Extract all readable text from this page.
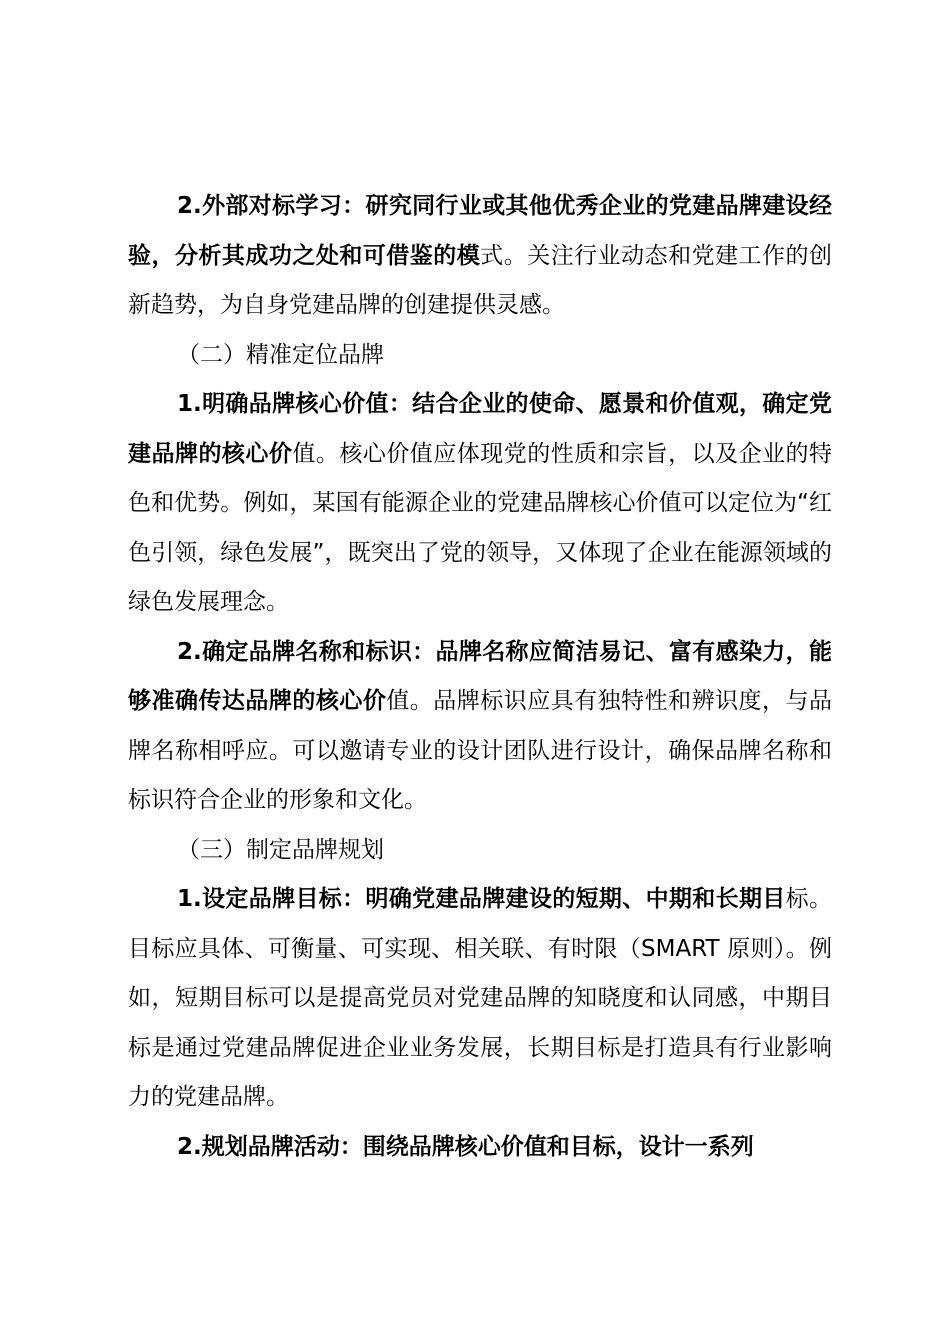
2.外部对标学习：研究同行业或其他优秀企业的党建品牌建设经验，分析其成功之处和可借鉴的模式。关注行业动态和党建工作的创新趋势，为自身党建品牌的创建提供灵感。

（二）精准定位品牌

1.明确品牌核心价值：结合企业的使命、愿景和价值观，确定党建品牌的核心价值。核心价值应体现党的性质和宗旨，以及企业的特色和优势。例如，某国有能源企业的党建品牌核心价值可以定位为“红色引领，绿色发展”，既突出了党的领导，又体现了企业在能源领域的绿色发展理念。

2.确定品牌名称和标识：品牌名称应简洁易记、富有感染力，能够准确传达品牌的核心价值。品牌标识应具有独特性和辨识度，与品牌名称相呼应。可以邀请专业的设计团队进行设计，确保品牌名称和标识符合企业的形象和文化。

（三）制定品牌规划

1.设定品牌目标：明确党建品牌建设的短期、中期和长期目标。目标应具体、可衡量、可实现、相关联、有时限（SMART 原则）。例如，短期目标可以是提高党员对党建品牌的知晓度和认同感，中期目标是通过党建品牌促进企业业务发展，长期目标是打造具有行业影响力的党建品牌。

2.规划品牌活动：围绕品牌核心价值和目标，设计一系列
